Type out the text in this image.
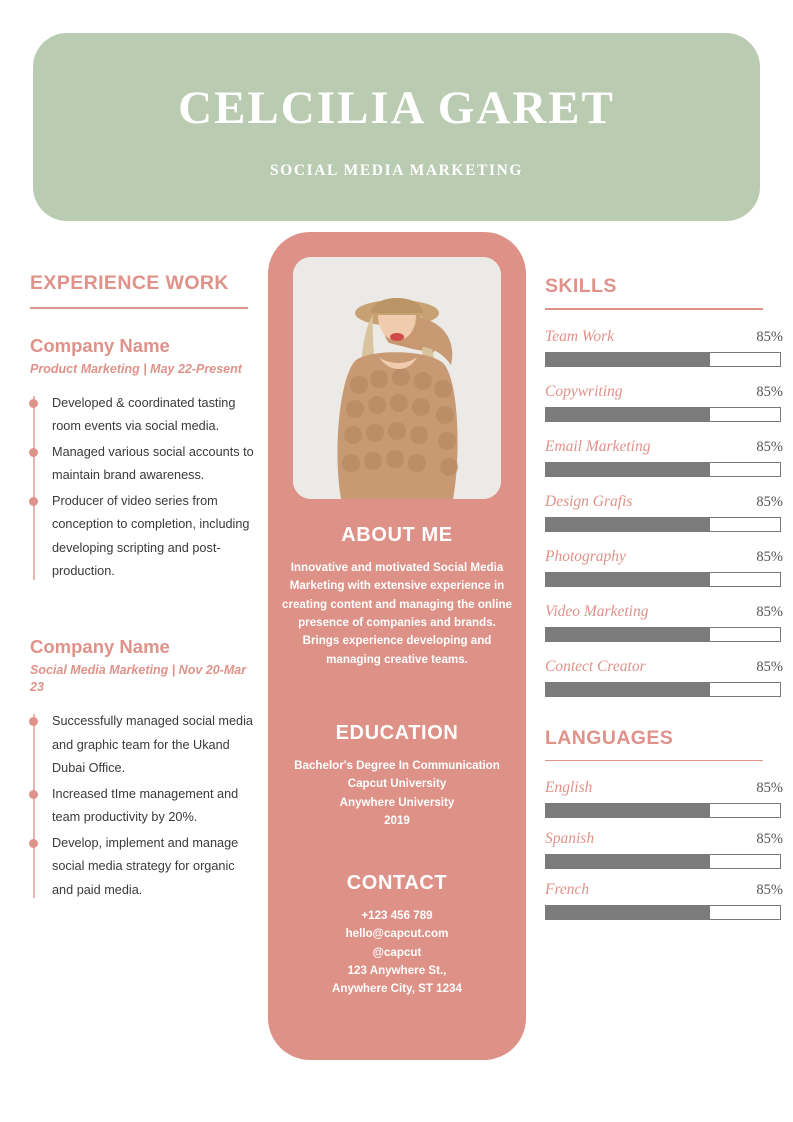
CELCILIA GARET
SOCIAL MEDIA MARKETING
EXPERIENCE WORK
Company Name
Product Marketing | May 22-Present
Developed & coordinated tasting room events via social media.
Managed various social accounts to maintain brand awareness.
Producer of video series from conception to completion, including developing scripting and post-production.
Company Name
Social Media Marketing | Nov 20-Mar 23
Successfully managed social media and graphic team for the Ukand Dubai Office.
Increased tIme management and team productivity by 20%.
Develop, implement and manage social media strategy for organic and paid media.
ABOUT ME

Innovative and motivated Social Media Marketing with extensive experience in creating content and managing the online presence of companies and brands. Brings experience developing and managing creative teams.

EDUCATION

Bachelor's Degree In Communication

Capcut University

Anywhere University

2019

CONTACT

+123 456 789

hello@capcut.com

@capcut

123 Anywhere St.,

Anywhere City, ST 1234

SKILLS
Team Work	85%
Copywriting	85%
Email Marketing	85%
Design Grafis	85%
Photography	85%
Video Marketing	85%
Contect Creator	85%
LANGUAGES
English	85%
Spanish	85%
French	85%
